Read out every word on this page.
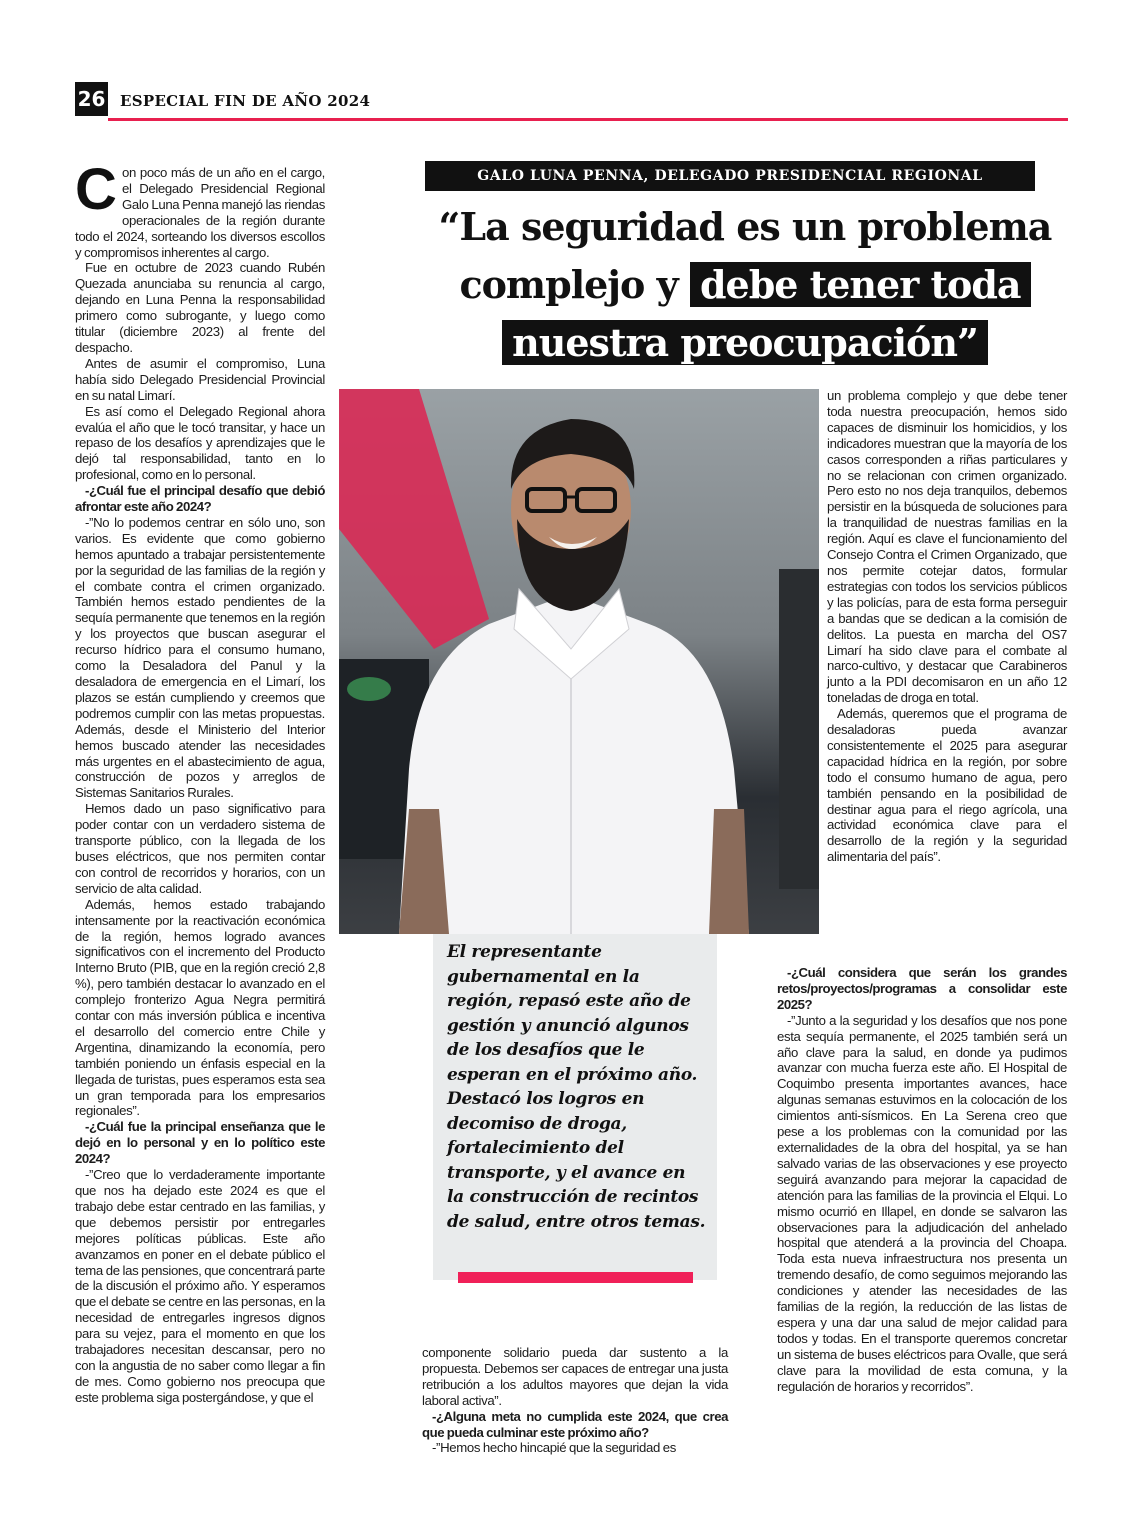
26 ESPECIAL FIN DE AÑO 2024

Con poco más de un año en el cargo, el Delegado Presidencial Regional Galo Luna Penna manejó las riendas operacionales de la región durante todo el 2024, sorteando los diversos escollos y compromisos inherentes al cargo.

Fue en octubre de 2023 cuando Rubén Quezada anunciaba su renuncia al cargo, dejando en Luna Penna la responsabilidad primero como subrogante, y luego como titular (diciembre 2023) al frente del despacho.

Antes de asumir el compromiso, Luna había sido Delegado Presidencial Provincial en su natal Limarí.

Es así como el Delegado Regional ahora evalúa el año que le tocó transitar, y hace un repaso de los desafíos y aprendizajes que le dejó tal responsabilidad, tanto en lo profesional, como en lo personal.

-¿Cuál fue el principal desafío que debió afrontar este año 2024?

-”No lo podemos centrar en sólo uno, son varios. Es evidente que como gobierno hemos apuntado a trabajar persistentemente por la seguridad de las familias de la región y el combate contra el crimen organizado. También hemos estado pendientes de la sequía permanente que tenemos en la región y los proyectos que buscan asegurar el recurso hídrico para el consumo humano, como la Desaladora del Panul y la desaladora de emergencia en el Limarí, los plazos se están cumpliendo y creemos que podremos cumplir con las metas propuestas. Además, desde el Ministerio del Interior hemos buscado atender las necesidades más urgentes en el abastecimiento de agua, construcción de pozos y arreglos de Sistemas Sanitarios Rurales.

Hemos dado un paso significativo para poder contar con un verdadero sistema de transporte público, con la llegada de los buses eléctricos, que nos permiten contar con control de recorridos y horarios, con un servicio de alta calidad.

Además, hemos estado trabajando intensamente por la reactivación económica de la región, hemos logrado avances significativos con el incremento del Producto Interno Bruto (PIB, que en la región creció 2,8 %), pero también destacar lo avanzado en el complejo fronterizo Agua Negra permitirá contar con más inversión pública e incentiva el desarrollo del comercio entre Chile y Argentina, dinamizando la economía, pero también poniendo un énfasis especial en la llegada de turistas, pues esperamos esta sea un gran temporada para los empresarios regionales”.

-¿Cuál fue la principal enseñanza que le dejó en lo personal y en lo político este 2024?

-”Creo que lo verdaderamente importante que nos ha dejado este 2024 es que el trabajo debe estar centrado en las familias, y que debemos persistir por entregarles mejores políticas públicas. Este año avanzamos en poner en el debate público el tema de las pensiones, que concentrará parte de la discusión el próximo año. Y esperamos que el debate se centre en las personas, en la necesidad de entregarles ingresos dignos para su vejez, para el momento en que los trabajadores necesitan descansar, pero no con la angustia de no saber como llegar a fin de mes. Como gobierno nos preocupa que este problema siga postergándose, y que el

GALO LUNA PENNA, DELEGADO PRESIDENCIAL REGIONAL
“La seguridad es un problema complejo y debe tener toda
nuestra preocupación”

El representante gubernamental en la región, repasó este año de gestión y anunció algunos de los desafíos que le esperan en el próximo año. Destacó los logros en decomiso de droga, fortalecimiento del transporte, y el avance en la construcción de recintos de salud, entre otros temas.

componente solidario pueda dar sustento a la propuesta. Debemos ser capaces de entregar una justa retribución a los adultos mayores que dejan la vida laboral activa”.

-¿Alguna meta no cumplida este 2024, que crea que pueda culminar este próximo año?

-”Hemos hecho hincapié que la seguridad es

un problema complejo y que debe tener toda nuestra preocupación, hemos sido capaces de disminuir los homicidios, y los indicadores muestran que la mayoría de los casos corresponden a riñas particulares y no se relacionan con crimen organizado. Pero esto no nos deja tranquilos, debemos persistir en la búsqueda de soluciones para la tranquilidad de nuestras familias en la región. Aquí es clave el funcionamiento del Consejo Contra el Crimen Organizado, que nos permite cotejar datos, formular estrategias con todos los servicios públicos y las policías, para de esta forma perseguir a bandas que se dedican a la comisión de delitos. La puesta en marcha del OS7 Limarí ha sido clave para el combate al narco-cultivo, y destacar que Carabineros junto a la PDI decomisaron en un año 12 toneladas de droga en total.

Además, queremos que el programa de desaladoras pueda avanzar consistentemente el 2025 para asegurar capacidad hídrica en la región, por sobre todo el consumo humano de agua, pero también pensando en la posibilidad de destinar agua para el riego agrícola, una actividad económica clave para el desarrollo de la región y la seguridad alimentaria del país”.

-¿Cuál considera que serán los grandes retos/proyectos/programas a consolidar este 2025?

-”Junto a la seguridad y los desafíos que nos pone esta sequía permanente, el 2025 también será un año clave para la salud, en donde ya pudimos avanzar con mucha fuerza este año. El Hospital de Coquimbo presenta importantes avances, hace algunas semanas estuvimos en la colocación de los cimientos anti-sísmicos. En La Serena creo que pese a los problemas con la comunidad por las externalidades de la obra del hospital, ya se han salvado varias de las observaciones y ese proyecto seguirá avanzando para mejorar la capacidad de atención para las familias de la provincia el Elqui. Lo mismo ocurrió en Illapel, en donde se salvaron las observaciones para la adjudicación del anhelado hospital que atenderá a la provincia del Choapa. Toda esta nueva infraestructura nos presenta un tremendo desafío, de como seguimos mejorando las condiciones y atender las necesidades de las familias de la región, la reducción de las listas de espera y una dar una salud de mejor calidad para todos y todas. En el transporte queremos concretar un sistema de buses eléctricos para Ovalle, que será clave para la movilidad de esta comuna, y la regulación de horarios y recorridos”.
